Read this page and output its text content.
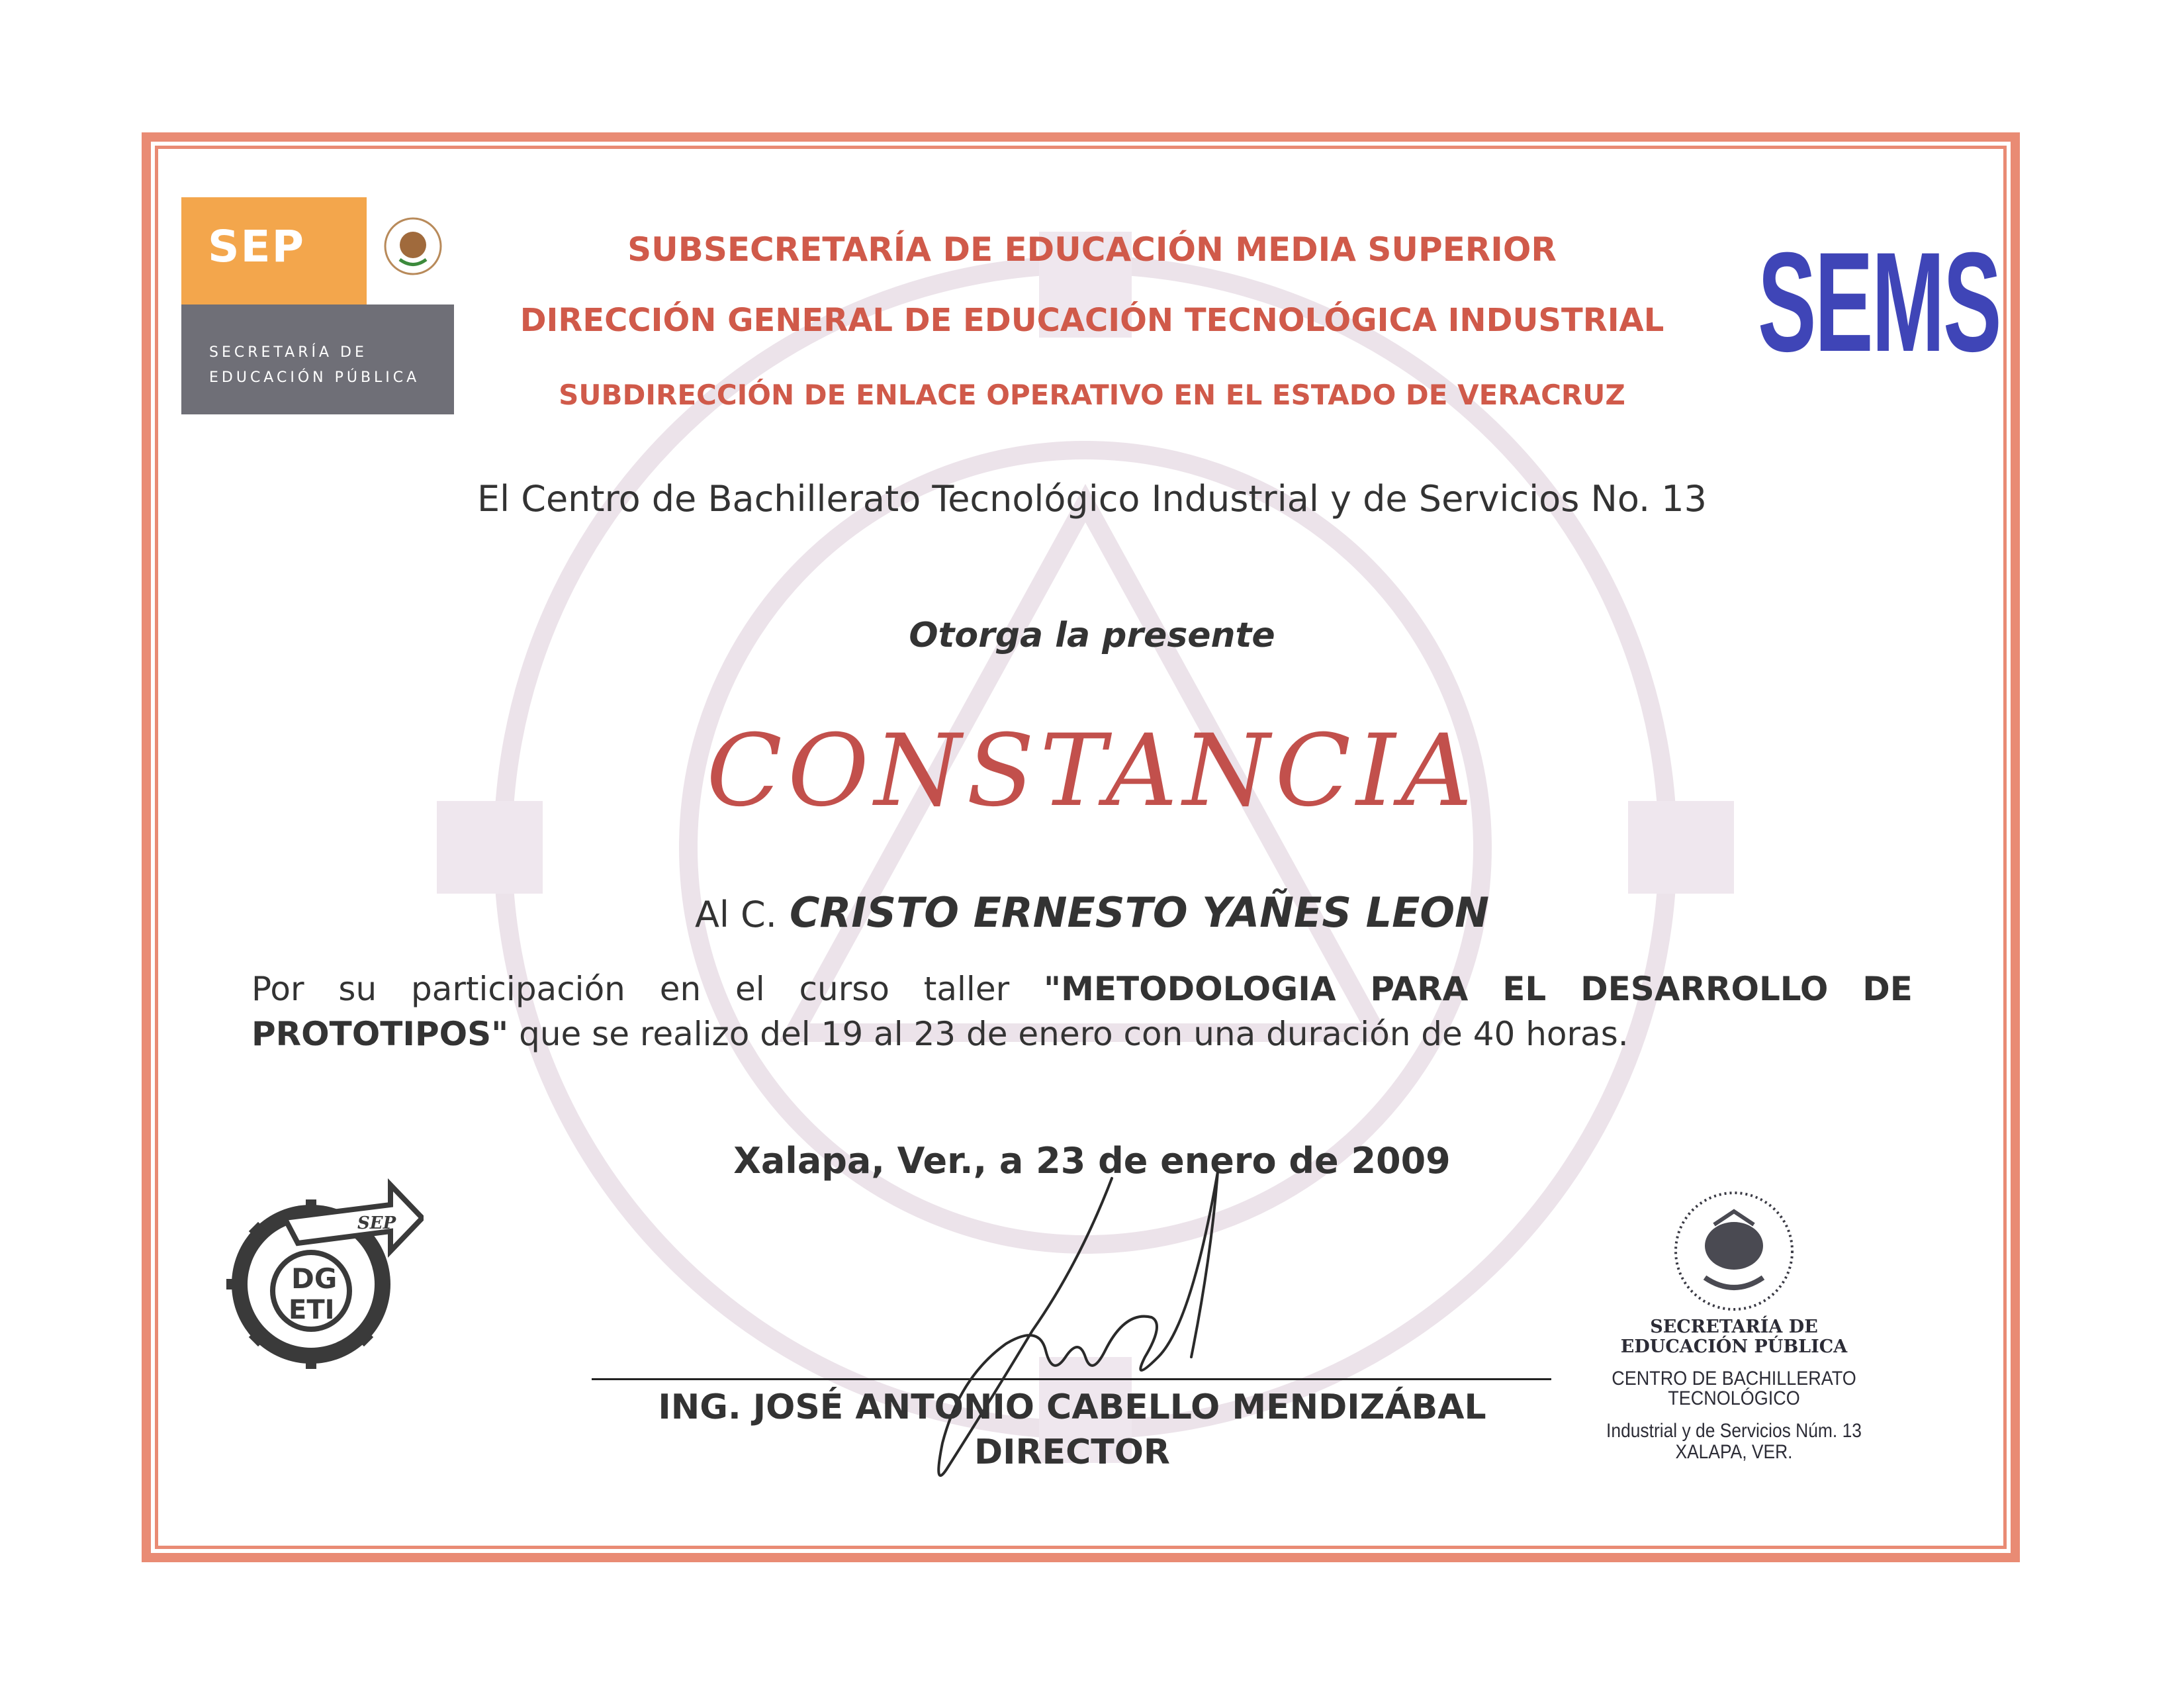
SEP
SECRETARÍA DE
EDUCACIÓN PÚBLICA	SEMS
SUBSECRETARÍA DE EDUCACIÓN MEDIA SUPERIOR
DIRECCIÓN GENERAL DE EDUCACIÓN TECNOLÓGICA INDUSTRIAL
SUBDIRECCIÓN DE ENLACE OPERATIVO EN EL ESTADO DE VERACRUZ
El Centro de Bachillerato Tecnológico Industrial y de Servicios No. 13
Otorga la presente
CONSTANCIA
Al C. CRISTO ERNESTO YAÑES LEON
Por su participación en el curso taller "METODOLOGIA PARA EL DESARROLLO DE
PROTOTIPOS" que se realizo del 19 al 23 de enero con una duración de 40 horas.
Xalapa, Ver., a 23 de enero de 2009
SEP
DG
ETI
ING. JOSÉ ANTONIO CABELLO MENDIZÁBAL
DIRECTOR
SECRETARÍA DE
EDUCACIÓN PÚBLICA
CENTRO DE BACHILLERATO
TECNOLÓGICO
Industrial y de Servicios Núm. 13
XALAPA, VER.
